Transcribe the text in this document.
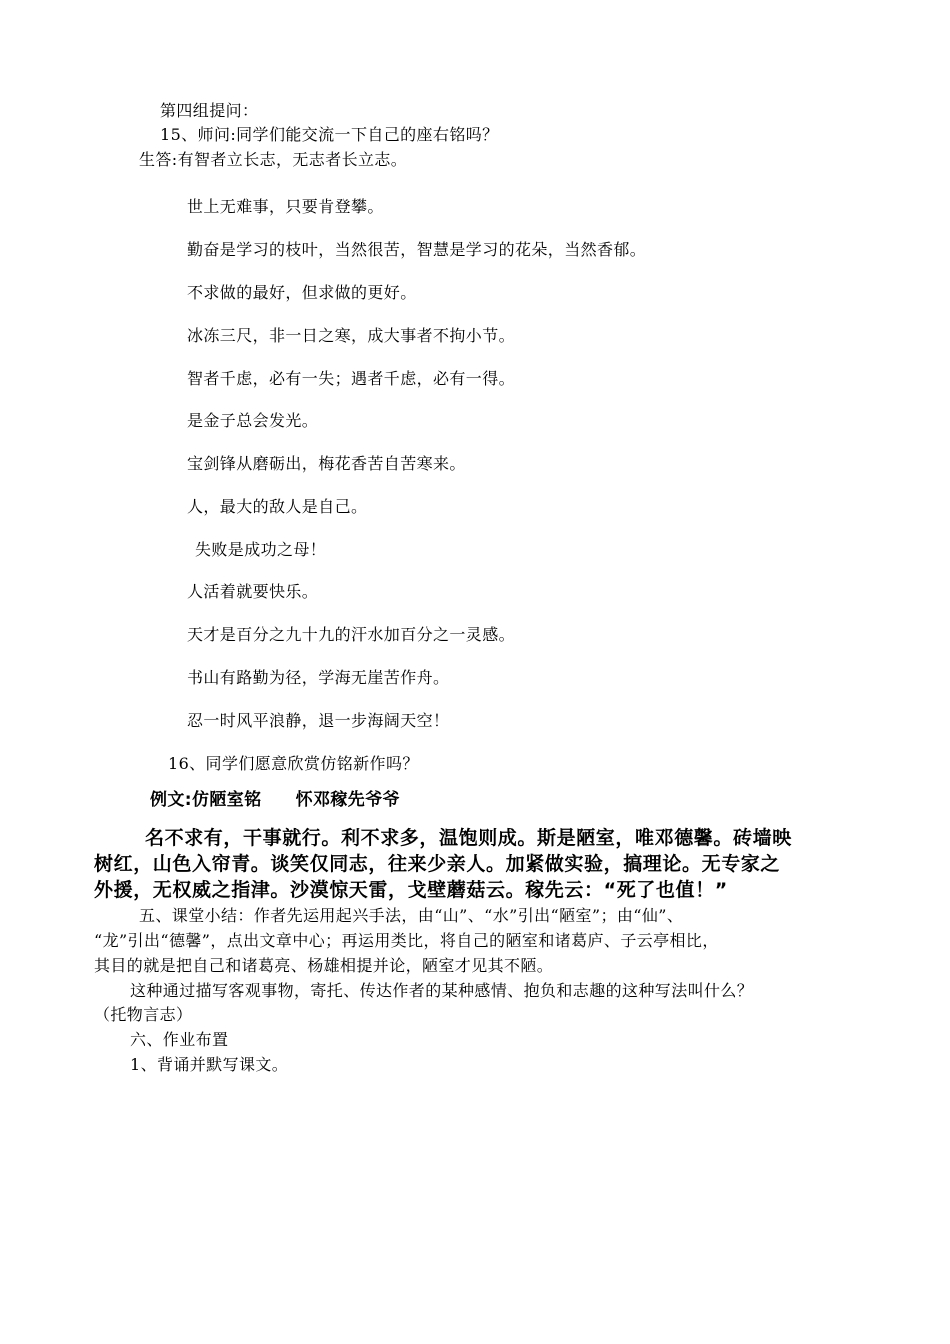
第四组提问：
15、师问:同学们能交流一下自己的座右铭吗？
生答:有智者立长志，无志者长立志。
世上无难事，只要肯登攀。
勤奋是学习的枝叶，当然很苦，智慧是学习的花朵，当然香郁。
不求做的最好，但求做的更好。
冰冻三尺，非一日之寒，成大事者不拘小节。
智者千虑，必有一失；遇者千虑，必有一得。
是金子总会发光。
宝剑锋从磨砺出，梅花香苦自苦寒来。
人，最大的敌人是自己。
失败是成功之母！
人活着就要快乐。
天才是百分之九十九的汗水加百分之一灵感。
书山有路勤为径，学海无崖苦作舟。
忍一时风平浪静，退一步海阔天空！
16、同学们愿意欣赏仿铭新作吗？
例文:仿陋室铭 怀邓稼先爷爷
名不求有，干事就行。利不求多，温饱则成。斯是陋室，唯邓德馨。砖墙映
树红，山色入帘青。谈笑仅同志，往来少亲人。加紧做实验，搞理论。无专家之
外援，无权威之指津。沙漠惊天雷，戈壁蘑菇云。稼先云：“死了也值！”
五、课堂小结：作者先运用起兴手法，由“山”、“水”引出“陋室”；由“仙”、
“龙”引出“德馨”，点出文章中心；再运用类比，将自己的陋室和诸葛庐、子云亭相比，
其目的就是把自己和诸葛亮、杨雄相提并论，陋室才见其不陋。
这种通过描写客观事物，寄托、传达作者的某种感情、抱负和志趣的这种写法叫什么？
（托物言志）
六、作业布置
1、背诵并默写课文。
